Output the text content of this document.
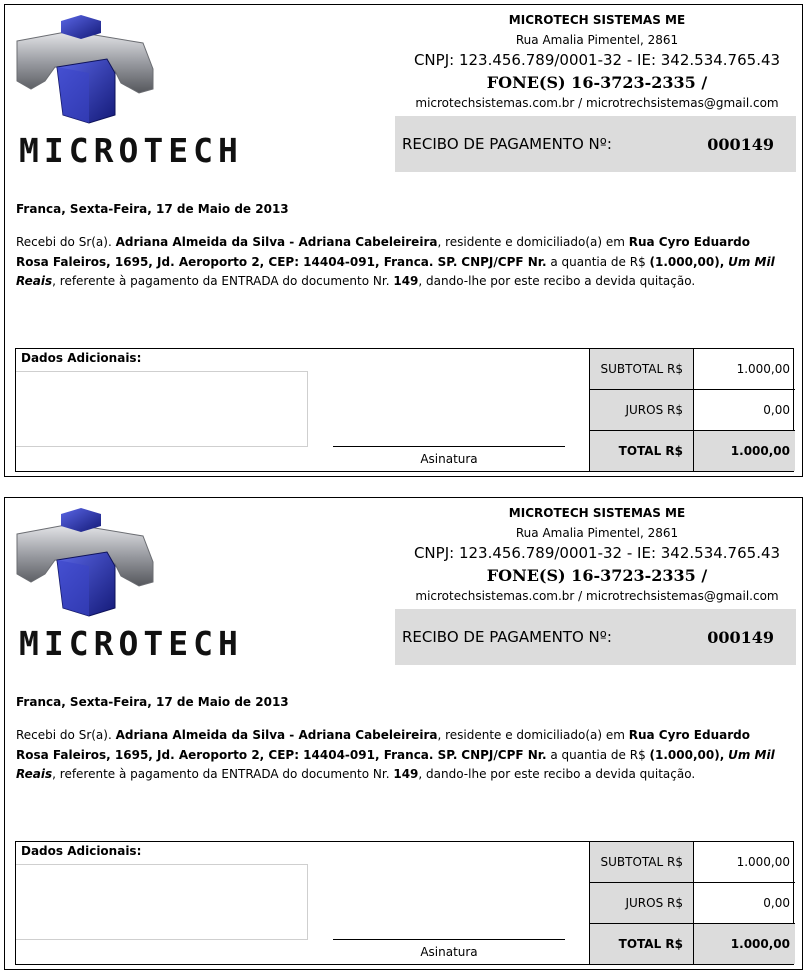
MICROTECH
MICROTECH SISTEMAS ME
Rua Amalia Pimentel, 2861
CNPJ: 123.456.789/0001-32 - IE: 342.534.765.43
FONE(S) 16-3723-2335 /
microtechsistemas.com.br / microtrechsistemas@gmail.com
RECIBO DE PAGAMENTO Nº:	000149
Franca, Sexta-Feira, 17 de Maio de 2013
Recebi do Sr(a). Adriana Almeida da Silva - Adriana Cabeleireira, residente e domiciliado(a) em Rua Cyro Eduardo Rosa Faleiros, 1695, Jd. Aeroporto 2, CEP: 14404-091, Franca. SP. CNPJ/CPF Nr. a quantia de R$ (1.000,00), Um Mil Reais, referente à pagamento da ENTRADA do documento Nr. 149, dando-lhe por este recibo a devida quitação.
Dados Adicionais:
Asinatura
SUBTOTAL R$	1.000,00
JUROS R$	0,00
TOTAL R$	1.000,00
MICROTECH
MICROTECH SISTEMAS ME
Rua Amalia Pimentel, 2861
CNPJ: 123.456.789/0001-32 - IE: 342.534.765.43
FONE(S) 16-3723-2335 /
microtechsistemas.com.br / microtrechsistemas@gmail.com
RECIBO DE PAGAMENTO Nº:	000149
Franca, Sexta-Feira, 17 de Maio de 2013
Recebi do Sr(a). Adriana Almeida da Silva - Adriana Cabeleireira, residente e domiciliado(a) em Rua Cyro Eduardo Rosa Faleiros, 1695, Jd. Aeroporto 2, CEP: 14404-091, Franca. SP. CNPJ/CPF Nr. a quantia de R$ (1.000,00), Um Mil Reais, referente à pagamento da ENTRADA do documento Nr. 149, dando-lhe por este recibo a devida quitação.
Dados Adicionais:
Asinatura
SUBTOTAL R$	1.000,00
JUROS R$	0,00
TOTAL R$	1.000,00
